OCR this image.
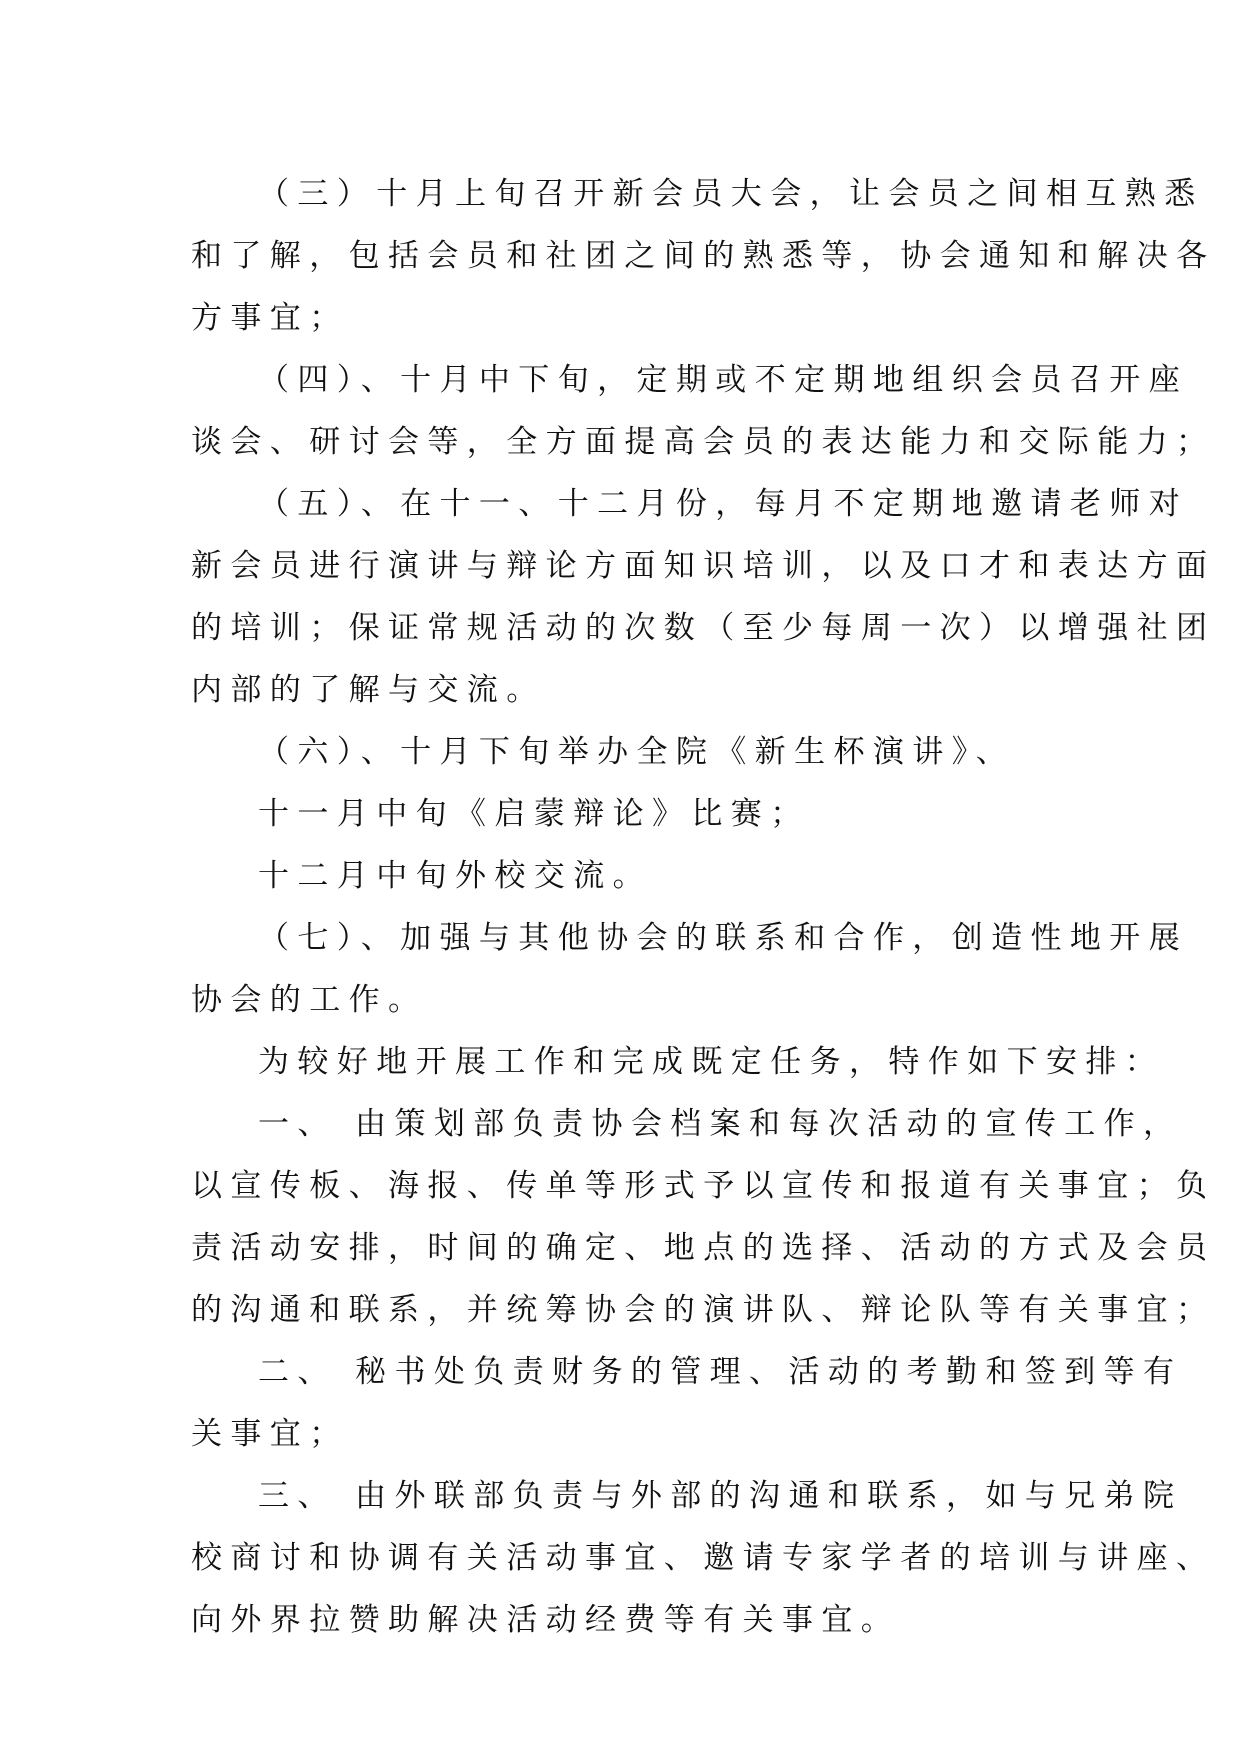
（三）十月上旬召开新会员大会，让会员之间相互熟悉
和了解，包括会员和社团之间的熟悉等，协会通知和解决各
方事宜；
（四）、十月中下旬，定期或不定期地组织会员召开座
谈会、研讨会等，全方面提高会员的表达能力和交际能力；
（五）、在十一、十二月份，每月不定期地邀请老师对
新会员进行演讲与辩论方面知识培训，以及口才和表达方面
的培训；保证常规活动的次数（至少每周一次）以增强社团
内部的了解与交流。
（六）、十月下旬举办全院《新生杯演讲》、
十一月中旬《启蒙辩论》比赛；
十二月中旬外校交流。
（七）、加强与其他协会的联系和合作，创造性地开展
协会的工作。
为较好地开展工作和完成既定任务，特作如下安排：
一、 由策划部负责协会档案和每次活动的宣传工作，
以宣传板、海报、传单等形式予以宣传和报道有关事宜；负
责活动安排，时间的确定、地点的选择、活动的方式及会员
的沟通和联系，并统筹协会的演讲队、辩论队等有关事宜；
二、 秘书处负责财务的管理、活动的考勤和签到等有
关事宜；
三、 由外联部负责与外部的沟通和联系，如与兄弟院
校商讨和协调有关活动事宜、邀请专家学者的培训与讲座、
向外界拉赞助解决活动经费等有关事宜。
